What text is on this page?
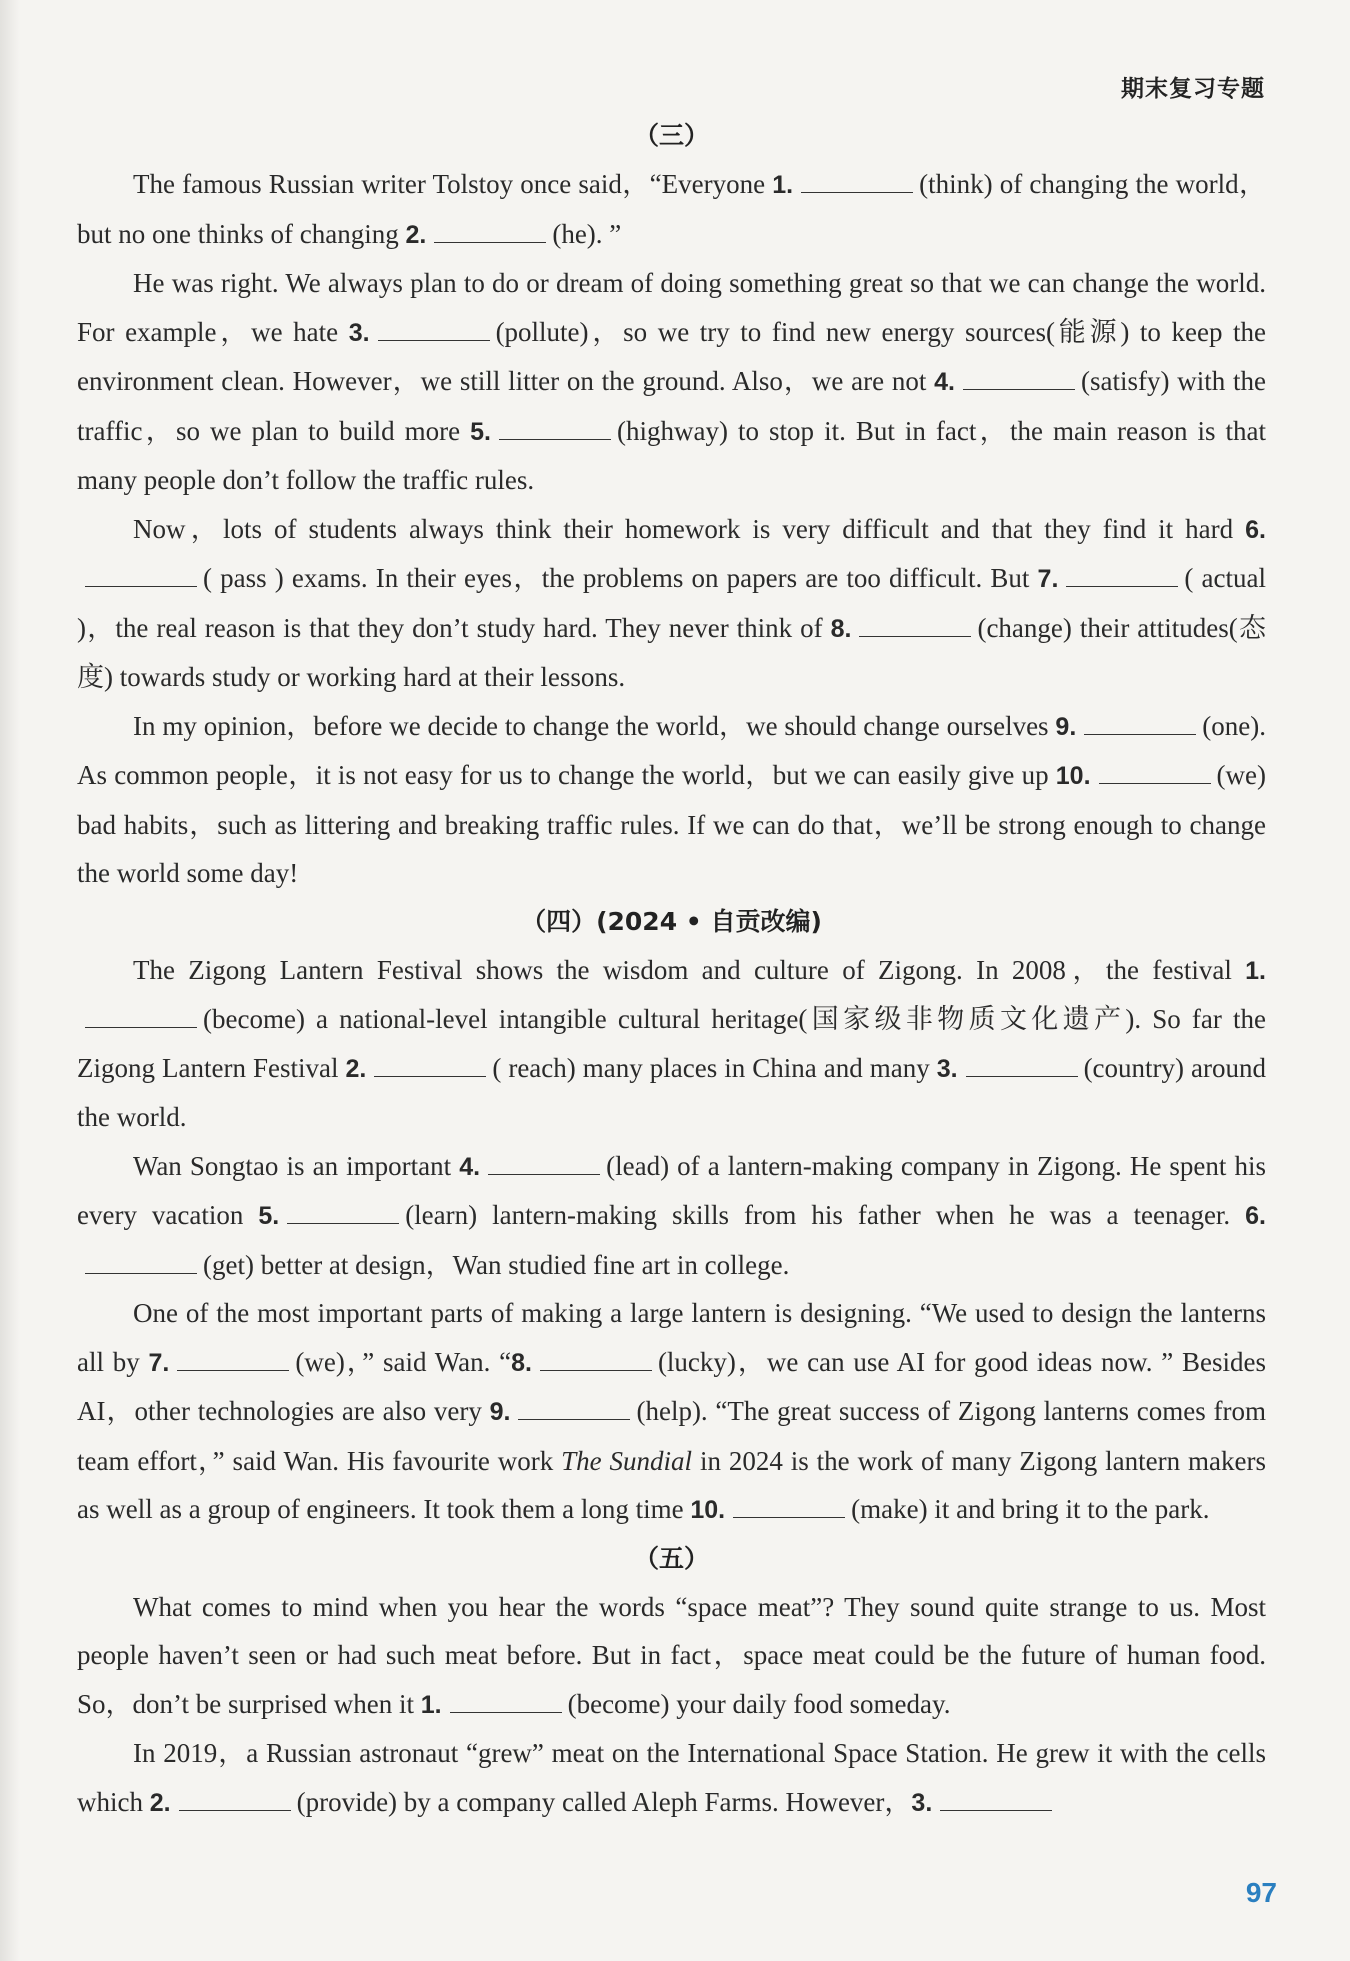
期末复习专题
（三）

The famous Russian writer Tolstoy once said，“Everyone 1.	(think) of changing the world，but no one thinks of changing 2.	(he). ”

He was right. We always plan to do or dream of doing something great so that we can change the world. For example，we hate 3.	(pollute)，so we try to find new energy sources(能源) to keep the environment clean. However，we still litter on the ground. Also，we are not 4.	(satisfy) with the traffic，so we plan to build more 5.	(highway) to stop it. But in fact，the main reason is that many people don’t follow the traffic rules.

Now，lots of students always think their homework is very difficult and that they find it hard 6.( pass ) exams. In their eyes，the problems on papers are too difficult. But 7.	( actual )，the real reason is that they don’t study hard. They never think of 8.	(change) their attitudes(态度) towards study or working hard at their lessons.

In my opinion，before we decide to change the world，we should change ourselves 9.	(one). As common people，it is not easy for us to change the world，but we can easily give up 10.	(we) bad habits，such as littering and breaking traffic rules. If we can do that，we’ll be strong enough to change the world some day!

（四）(2024 • 自贡改编)

The Zigong Lantern Festival shows the wisdom and culture of Zigong. In 2008，the festival 1.(become) a national-level intangible cultural heritage(国家级非物质文化遗产). So far the Zigong Lantern Festival 2.	( reach) many places in China and many 3.	(country) around the world.

Wan Songtao is an important 4.	(lead) of a lantern-making company in Zigong. He spent his every vacation 5.	(learn) lantern-making skills from his father when he was a teenager. 6.(get) better at design，Wan studied fine art in college.

One of the most important parts of making a large lantern is designing. “We used to design the lanterns all by 7.	(we)，” said Wan. “8.	(lucky)，we can use AI for good ideas now. ” Besides AI，other technologies are also very 9.	(help). “The great success of Zigong lanterns comes from team effort，” said Wan. His favourite work The Sundial in 2024 is the work of many Zigong lantern makers as well as a group of engineers. It took them a long time 10.	(make) it and bring it to the park.

（五）

What comes to mind when you hear the words “space meat”? They sound quite strange to us. Most people haven’t seen or had such meat before. But in fact，space meat could be the future of human food. So，don’t be surprised when it 1.	(become) your daily food someday.

In 2019，a Russian astronaut “grew” meat on the International Space Station. He grew it with the cells which 2.	(provide) by a company called Aleph Farms. However，3.

97
